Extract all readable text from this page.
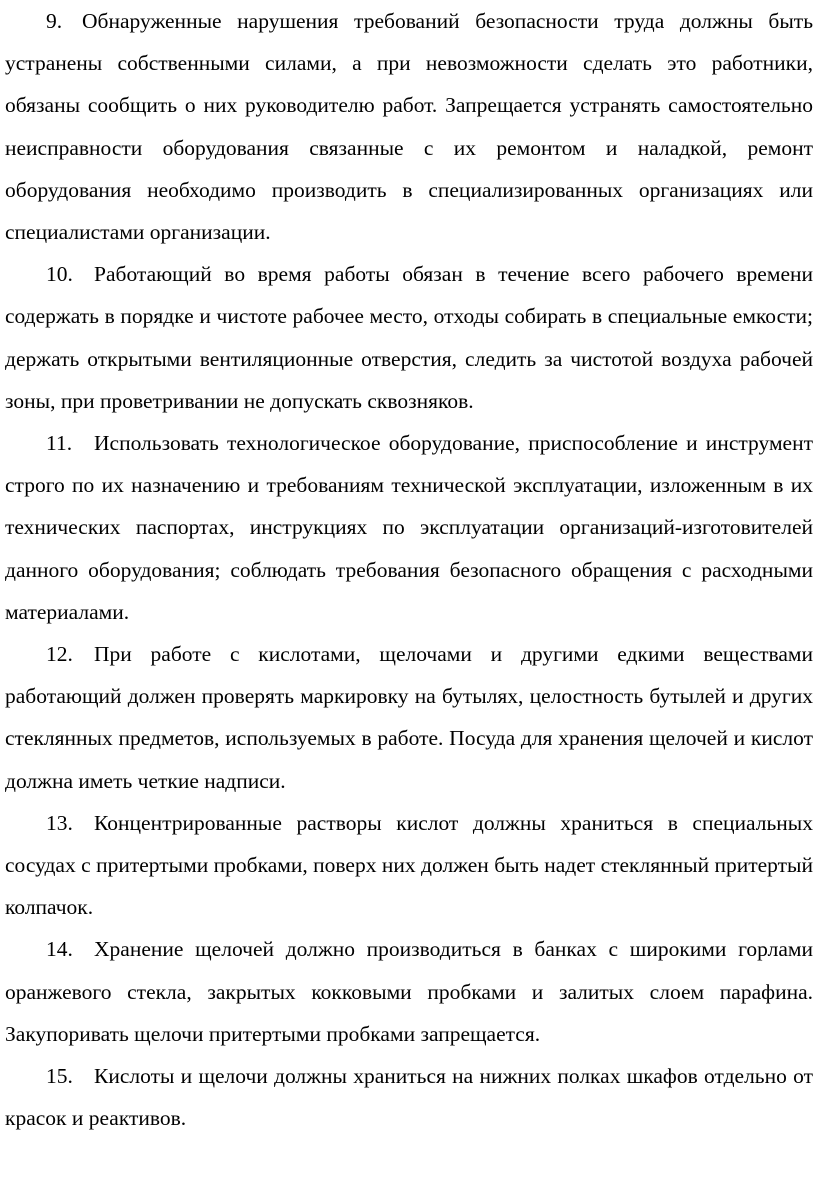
9. Обнаруженные нарушения требований безопасности труда должны быть устранены собственными силами, а при невозможности сделать это работники, обязаны сообщить о них руководителю работ. Запрещается устранять самостоятельно неисправности оборудования связанные с их ремонтом и наладкой, ремонт оборудования необходимо производить в специализированных организациях или специалистами организации.

10. Работающий во время работы обязан в течение всего рабочего времени содержать в порядке и чистоте рабочее место, отходы собирать в специальные емкости; держать открытыми вентиляционные отверстия, следить за чистотой воздуха рабочей зоны, при проветривании не допускать сквозняков.

11. Использовать технологическое оборудование, приспособление и инструмент строго по их назначению и требованиям технической эксплуатации, изложенным в их технических паспортах, инструкциях по эксплуатации организаций-изготовителей данного оборудования; соблюдать требования безопасного обращения с расходными материалами.

12. При работе с кислотами, щелочами и другими едкими веществами работающий должен проверять маркировку на бутылях, целостность бутылей и других стеклянных предметов, используемых в работе. Посуда для хранения щелочей и кислот должна иметь четкие надписи.

13. Концентрированные растворы кислот должны храниться в специальных сосудах с притертыми пробками, поверх них должен быть надет стеклянный притертый колпачок.

14. Хранение щелочей должно производиться в банках с широкими горлами оранжевого стекла, закрытых кокковыми пробками и залитых слоем парафина. Закупоривать щелочи притертыми пробками запрещается.

15. Кислоты и щелочи должны храниться на нижних полках шкафов отдельно от красок и реактивов.
